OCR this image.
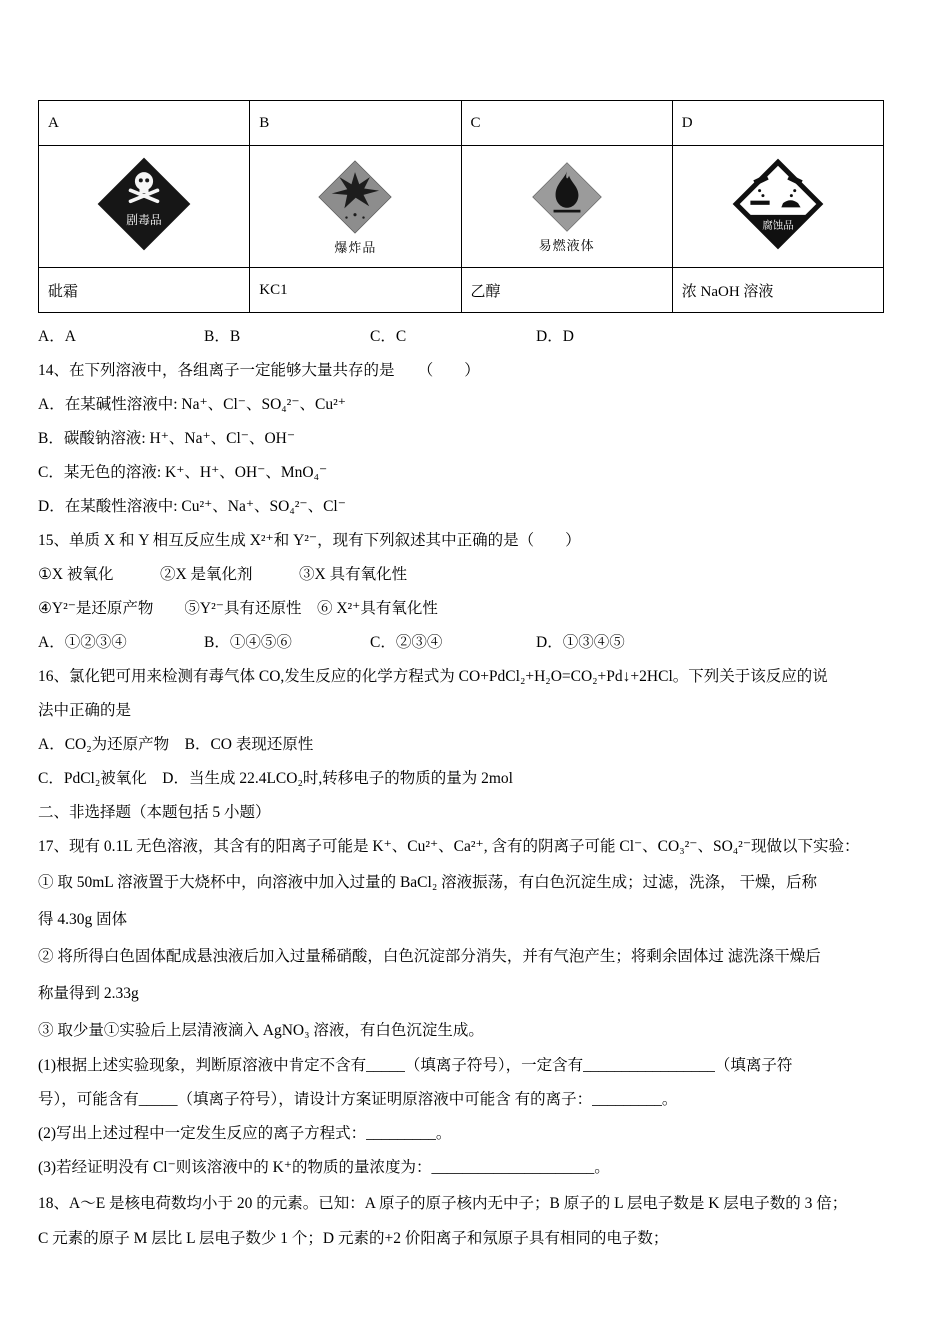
A	B	C	D

剧毒品	爆炸品	易燃液体	腐蚀品

砒霜	KC1	乙醇	浓 NaOH 溶液
A．A	B．B	C．C	D．D
14、在下列溶液中，各组离子一定能够大量共存的是　　（　　）
A．在某碱性溶液中: Na⁺、Cl⁻、SO₄²⁻、Cu²⁺
B．碳酸钠溶液: H⁺、Na⁺、Cl⁻、OH⁻
C．某无色的溶液: K⁺、H⁺、OH⁻、MnO₄⁻
D．在某酸性溶液中: Cu²⁺、Na⁺、SO₄²⁻、Cl⁻
15、单质 X 和 Y 相互反应生成 X²⁺和 Y²⁻，现有下列叙述其中正确的是（　　）
①X 被氧化　　　②X 是氧化剂　　　③X 具有氧化性
④Y²⁻是还原产物　　⑤Y²⁻具有还原性　⑥ X²⁺具有氧化性
A．①②③④	B．①④⑤⑥	C．②③④	D．①③④⑤
16、氯化钯可用来检测有毒气体 CO,发生反应的化学方程式为 CO+PdCl₂+H₂O=CO₂+Pd↓+2HCl。下列关于该反应的说
法中正确的是
A．CO₂为还原产物　B．CO 表现还原性
C．PdCl₂被氧化　D．当生成 22.4LCO₂时,转移电子的物质的量为 2mol
二、非选择题（本题包括 5 小题）
17、现有 0.1L 无色溶液，其含有的阳离子可能是 K⁺、Cu²⁺、Ca²⁺, 含有的阴离子可能 Cl⁻、CO₃²⁻、SO₄²⁻现做以下实验：
① 取 50mL 溶液置于大烧杯中，向溶液中加入过量的 BaCl₂ 溶液振荡，有白色沉淀生成；过滤，洗涤， 干燥，后称
得 4.30g 固体
② 将所得白色固体配成悬浊液后加入过量稀硝酸，白色沉淀部分消失，并有气泡产生；将剩余固体过 滤洗涤干燥后
称量得到 2.33g
③ 取少量①实验后上层清液滴入 AgNO₃ 溶液，有白色沉淀生成。
(1)根据上述实验现象，判断原溶液中肯定不含有_____（填离子符号），一定含有_________________（填离子符
号），可能含有_____（填离子符号），请设计方案证明原溶液中可能含 有的离子：_________。
(2)写出上述过程中一定发生反应的离子方程式：_________。
(3)若经证明没有 Cl⁻则该溶液中的 K⁺的物质的量浓度为：_____________________。
18、A～E 是核电荷数均小于 20 的元素。已知：A 原子的原子核内无中子；B 原子的 L 层电子数是 K 层电子数的 3 倍；
C 元素的原子 M 层比 L 层电子数少 1 个；D 元素的+2 价阳离子和氖原子具有相同的电子数；
